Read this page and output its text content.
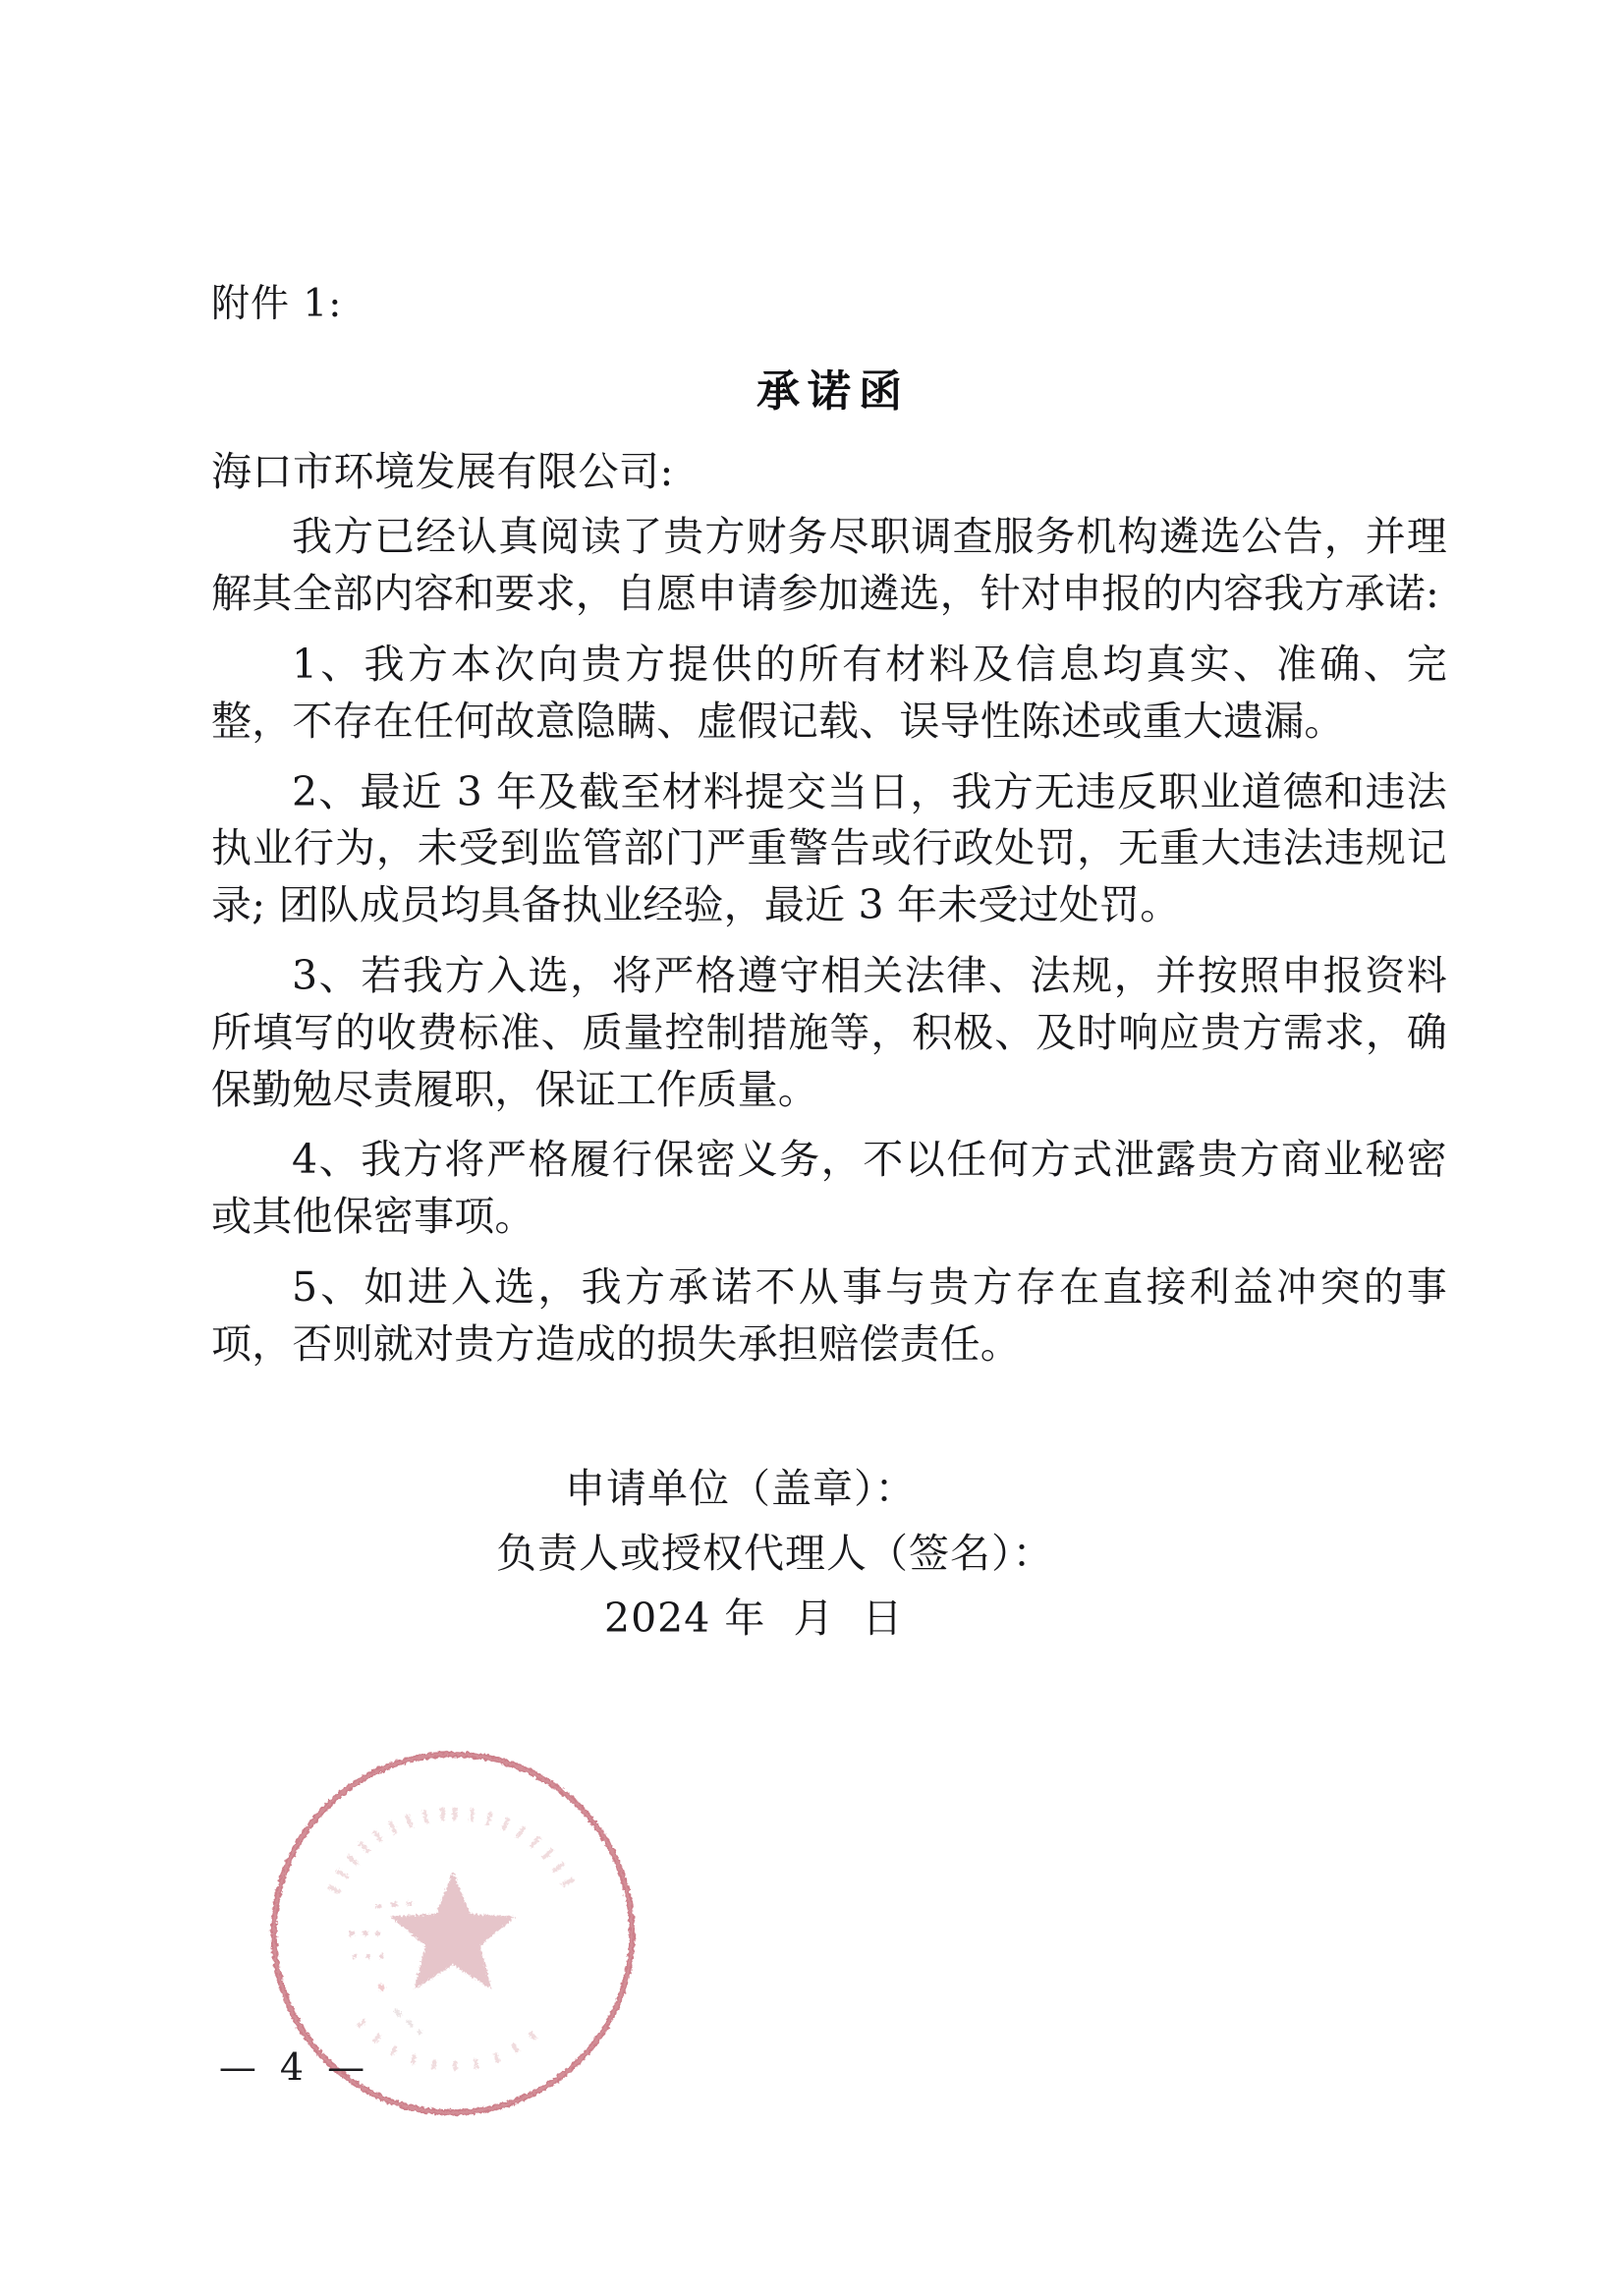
附件 1:

承诺函

海口市环境发展有限公司:

我方已经认真阅读了贵方财务尽职调查服务机构遴选公告，并理解其全部内容和要求，自愿申请参加遴选，针对申报的内容我方承诺:

1、我方本次向贵方提供的所有材料及信息均真实、准确、完整，不存在任何故意隐瞒、虚假记载、误导性陈述或重大遗漏。

2、最近 3 年及截至材料提交当日，我方无违反职业道德和违法执业行为，未受到监管部门严重警告或行政处罚，无重大违法违规记录; 团队成员均具备执业经验，最近 3 年未受过处罚。

3、若我方入选，将严格遵守相关法律、法规，并按照申报资料所填写的收费标准、质量控制措施等，积极、及时响应贵方需求，确保勤勉尽责履职，保证工作质量。

4、我方将严格履行保密义务，不以任何方式泄露贵方商业秘密或其他保密事项。

5、如进入选，我方承诺不从事与贵方存在直接利益冲突的事项，否则就对贵方造成的损失承担赔偿责任。

申请单位（盖章）：
负责人或授权代理人（签名）：
2024 年  月  日
— 4 —
